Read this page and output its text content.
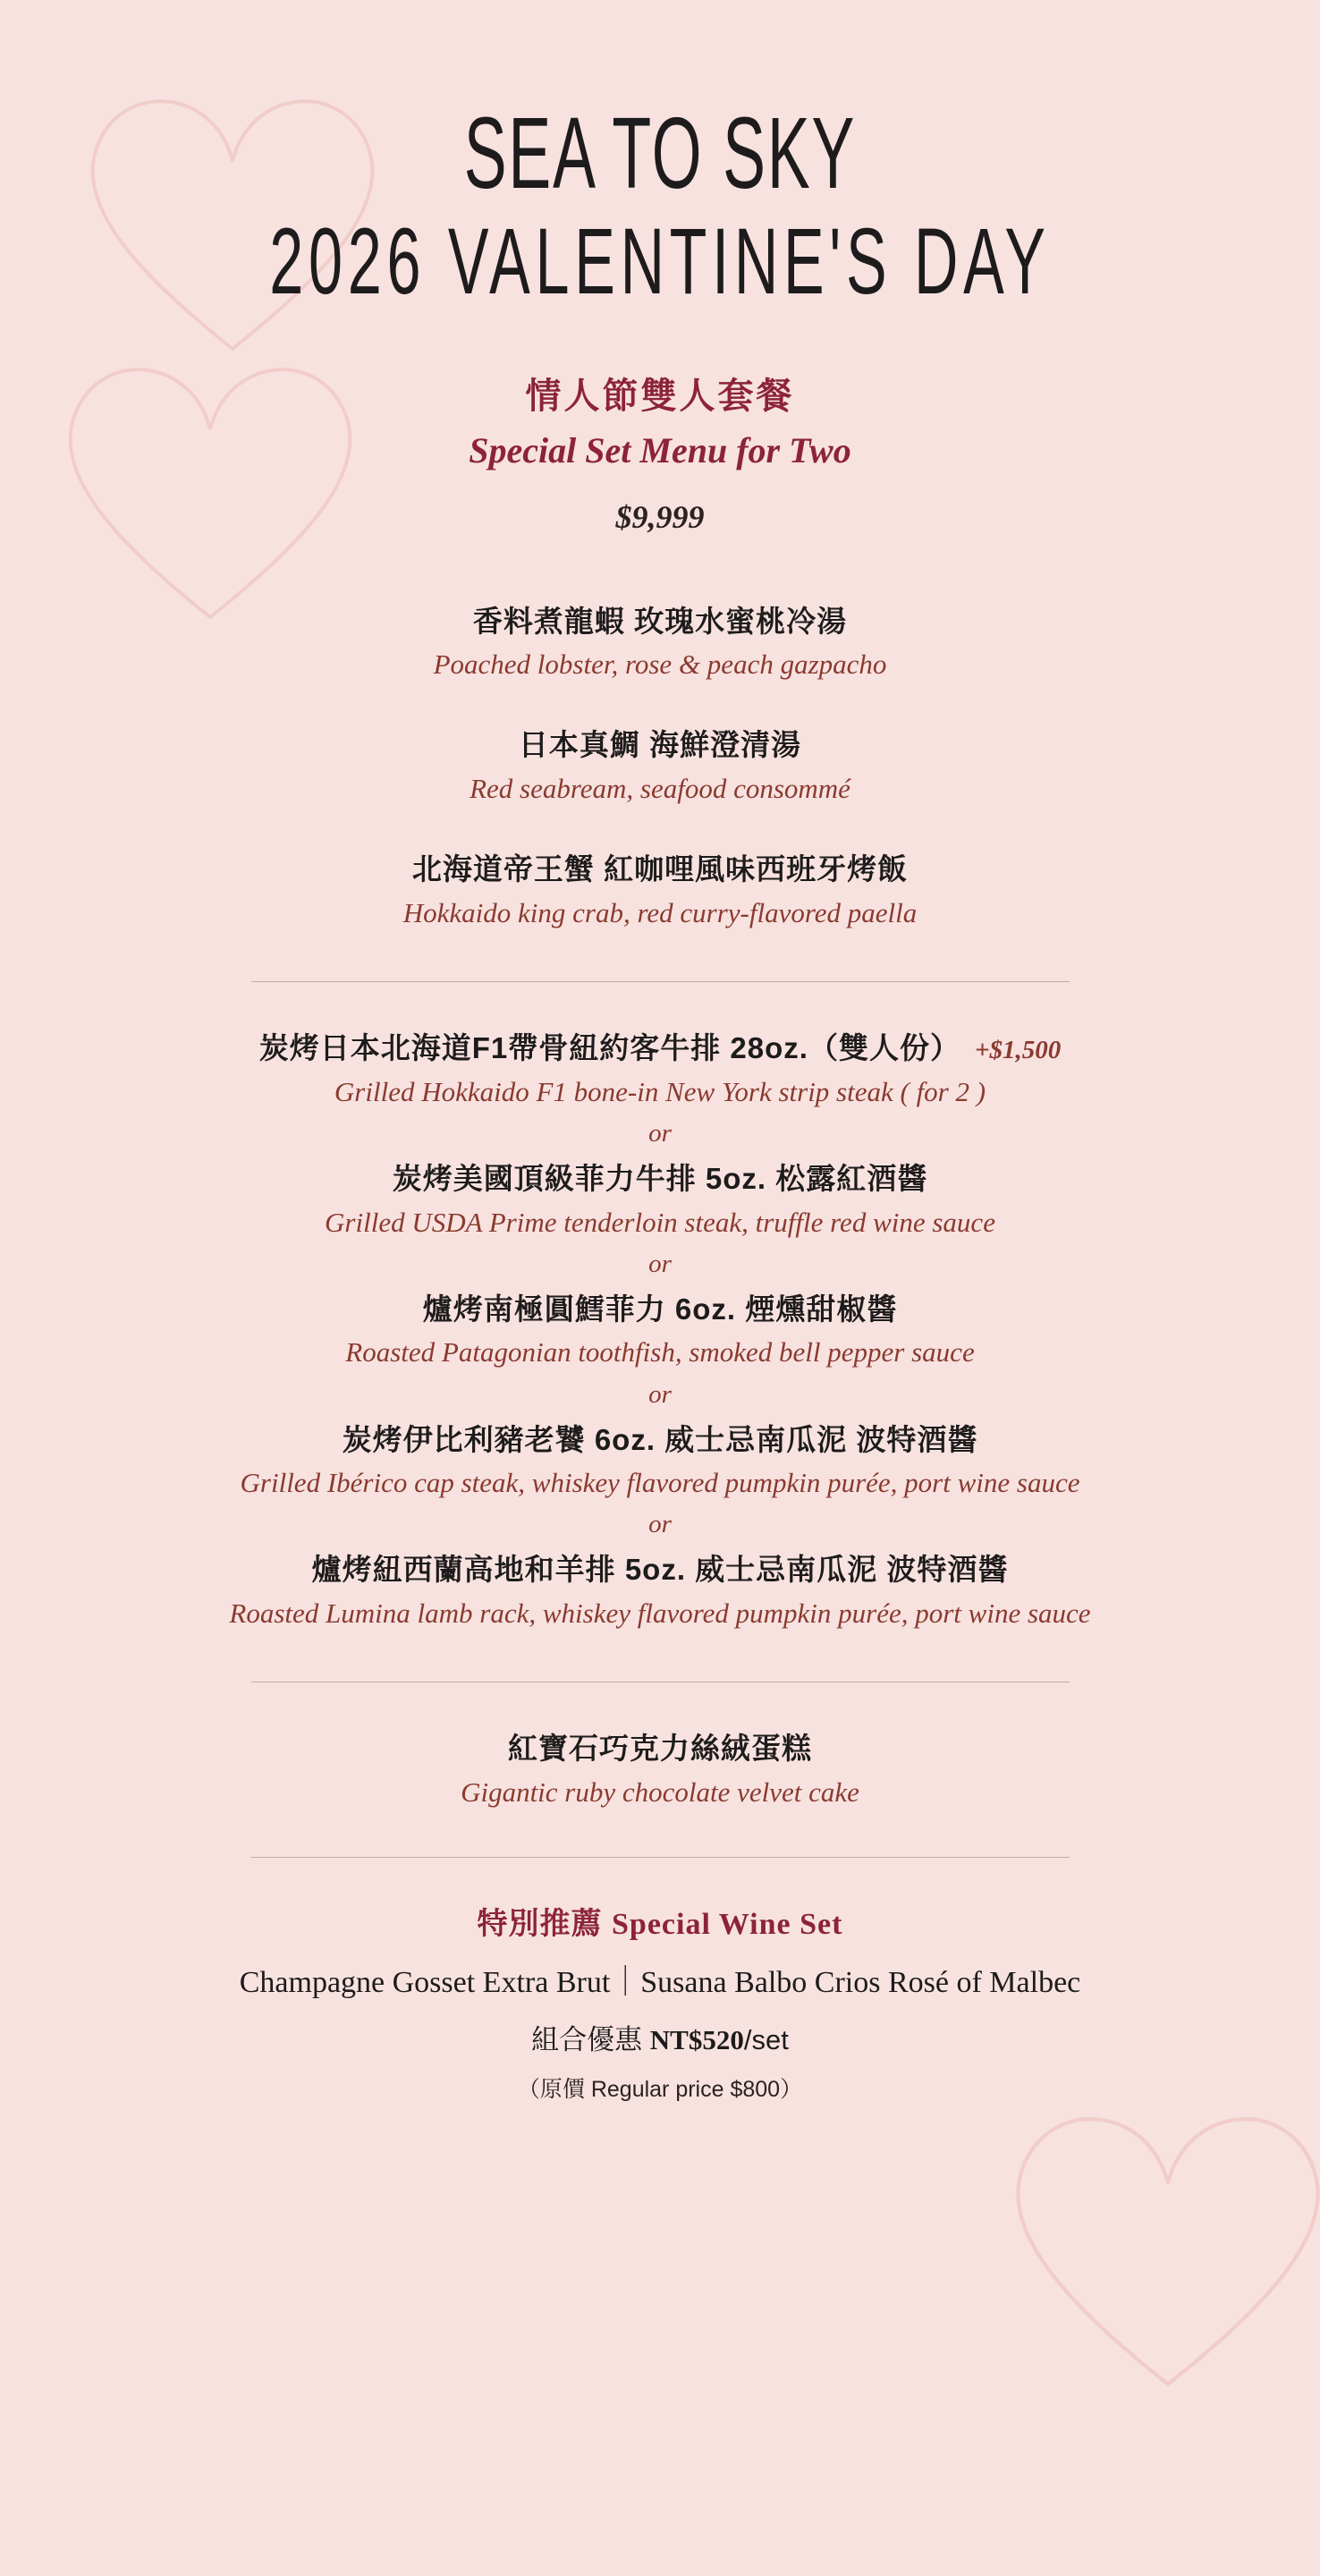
SEA TO SKY
2026 VALENTINE'S DAY
情人節雙人套餐
Special Set Menu for Two
$9,999
香料煮龍蝦 玫瑰水蜜桃冷湯
Poached lobster, rose & peach gazpacho
日本真鯛 海鮮澄清湯
Red seabream, seafood consommé
北海道帝王蟹 紅咖哩風味西班牙烤飯
Hokkaido king crab, red curry-flavored paella
炭烤日本北海道F1帶骨紐約客牛排 28oz.（雙人份） +$1,500
Grilled Hokkaido F1 bone-in New York strip steak ( for 2 )
or
炭烤美國頂級菲力牛排 5oz. 松露紅酒醬
Grilled USDA Prime tenderloin steak, truffle red wine sauce
or
爐烤南極圓鱈菲力 6oz. 煙燻甜椒醬
Roasted Patagonian toothfish, smoked bell pepper sauce
or
炭烤伊比利豬老饕 6oz. 威士忌南瓜泥 波特酒醬
Grilled Ibérico cap steak, whiskey flavored pumpkin purée, port wine sauce
or
爐烤紐西蘭高地和羊排 5oz. 威士忌南瓜泥 波特酒醬
Roasted Lumina lamb rack, whiskey flavored pumpkin purée, port wine sauce
紅寶石巧克力絲絨蛋糕
Gigantic ruby chocolate velvet cake
特別推薦 Special Wine Set
Champagne Gosset Extra Brut｜Susana Balbo Crios Rosé of Malbec
組合優惠 NT$520/set
（原價 Regular price $800）
